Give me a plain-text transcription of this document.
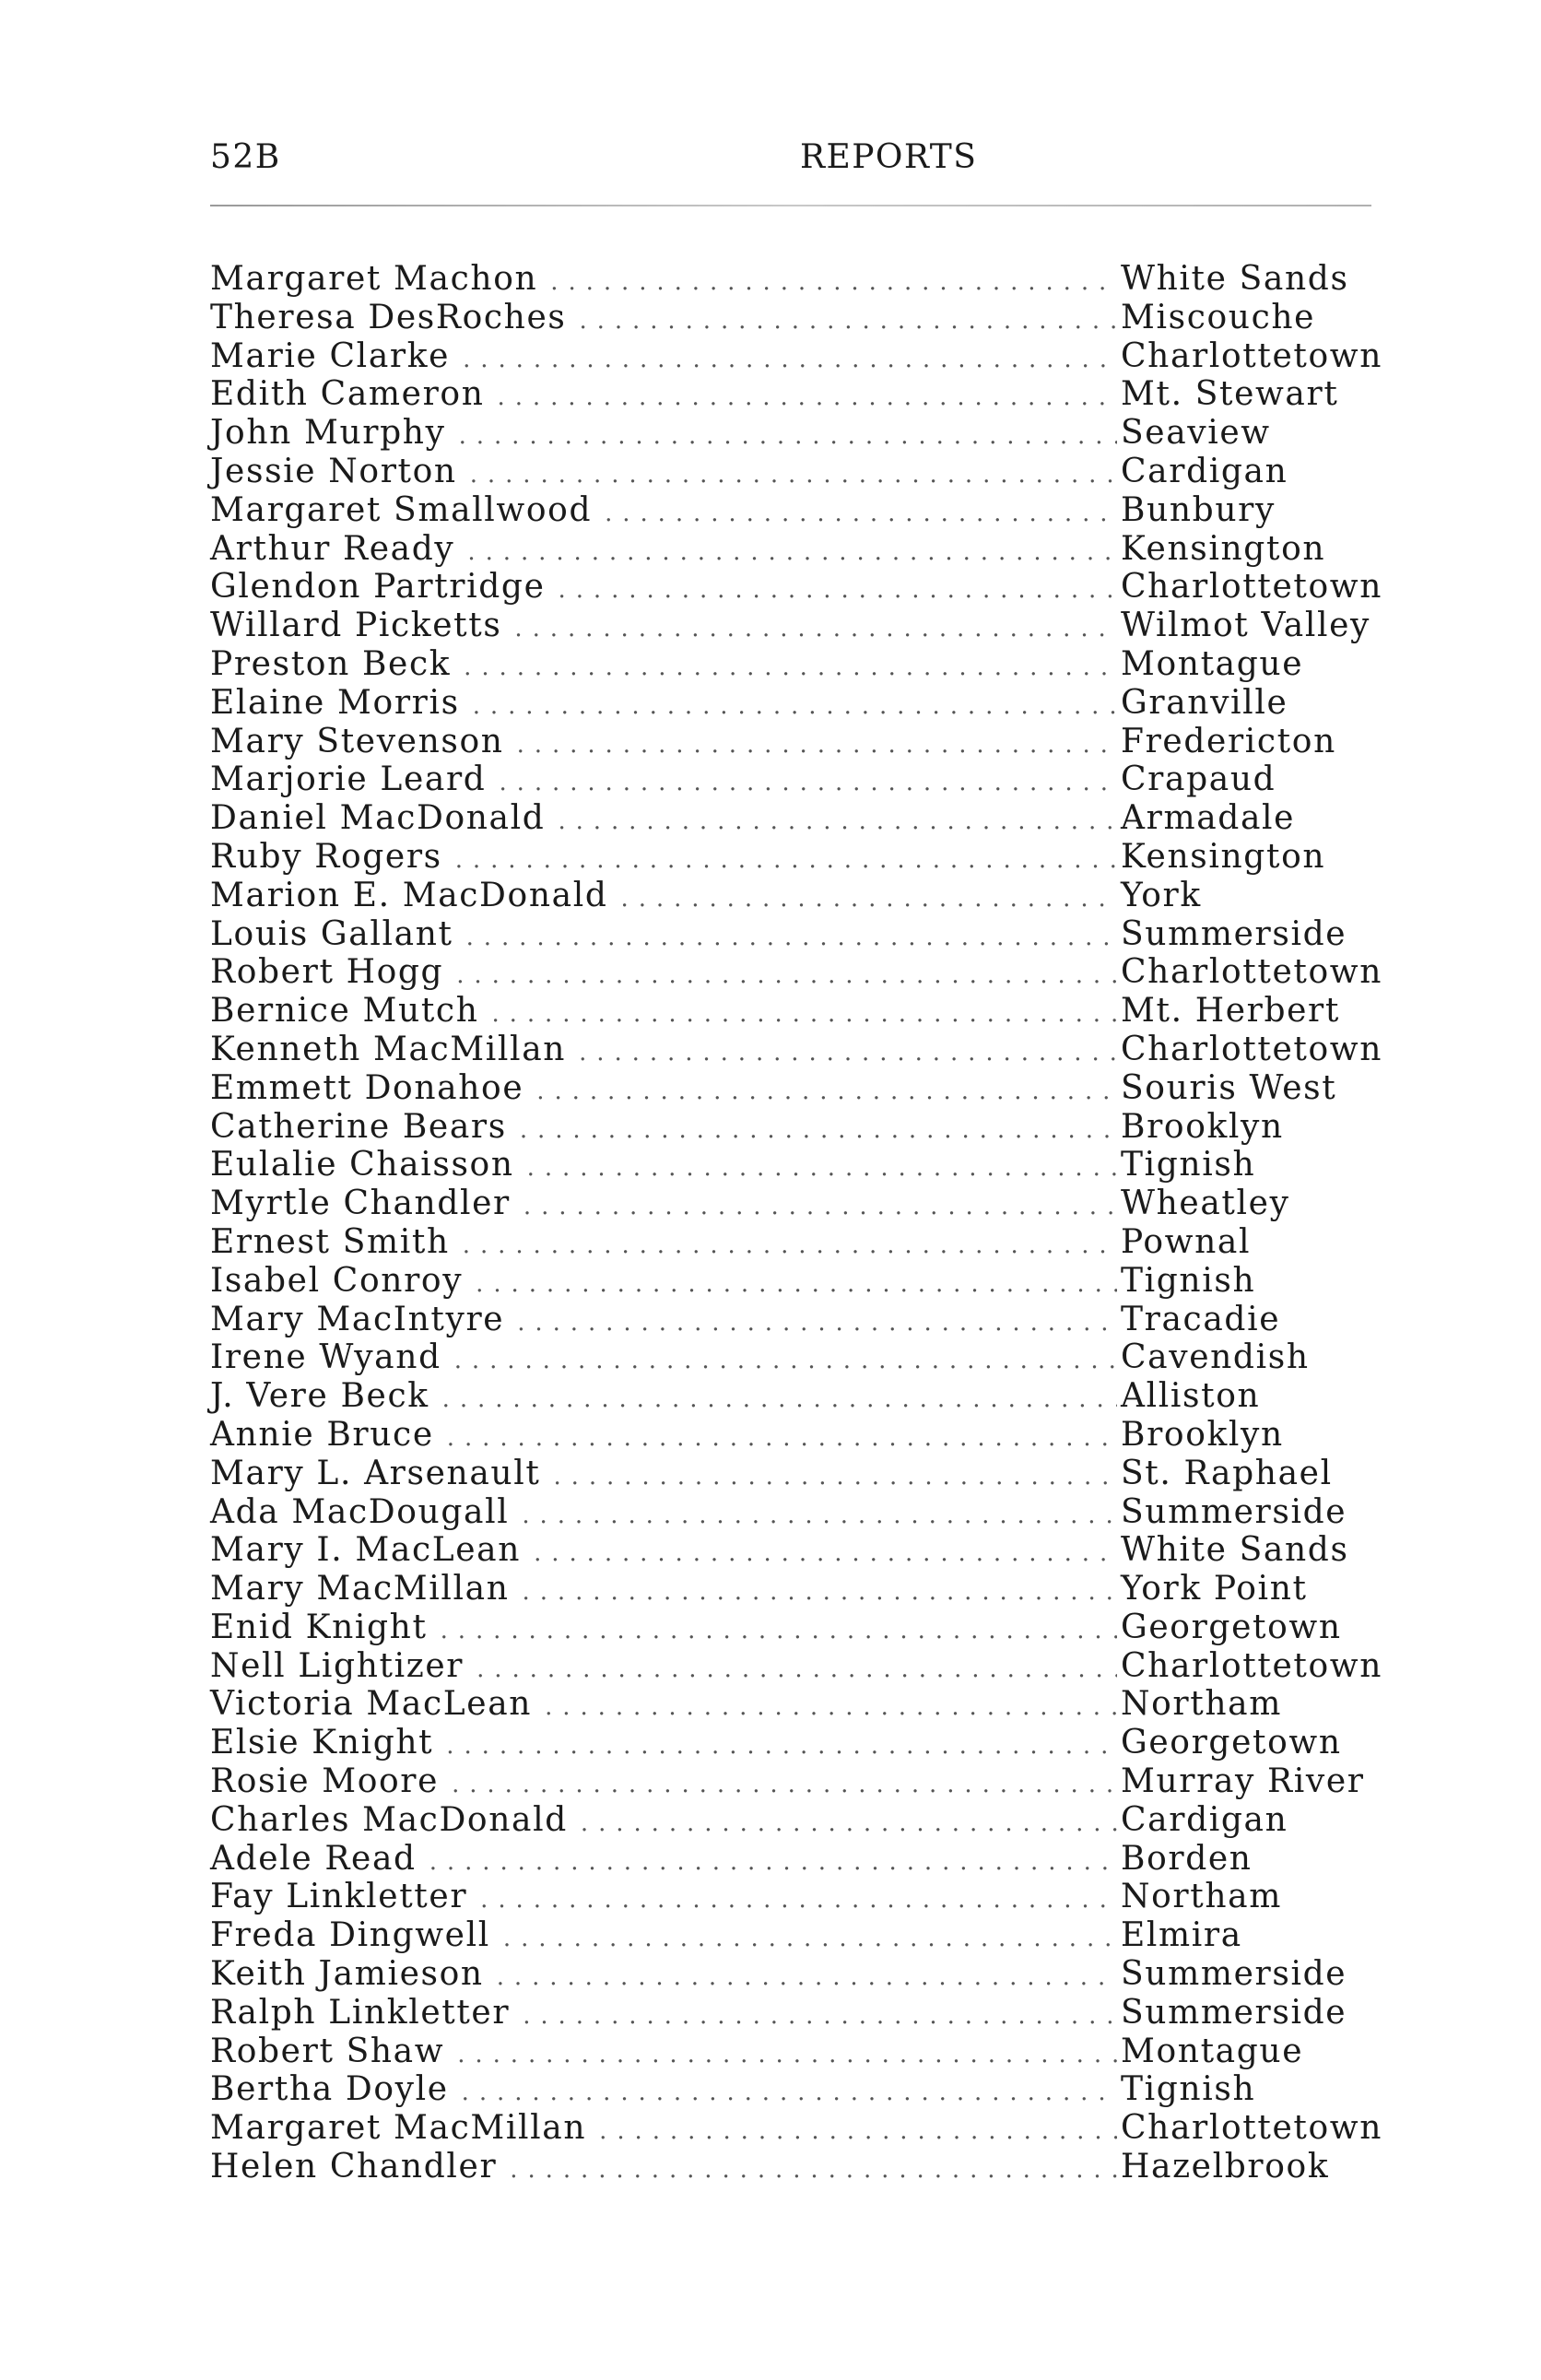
52B	REPORTS
Margaret Machon .....	White Sands
Theresa DesRoches .....	Miscouche
Marie Clarke .....	Charlottetown
Edith Cameron .....	Mt. Stewart
John Murphy .....	Seaview
Jessie Norton .....	Cardigan
Margaret Smallwood .....	Bunbury
Arthur Ready .....	Kensington
Glendon Partridge .....	Charlottetown
Willard Picketts .....	Wilmot Valley
Preston Beck .....	Montague
Elaine Morris .....	Granville
Mary Stevenson .....	Fredericton
Marjorie Leard .....	Crapaud
Daniel MacDonald .....	Armadale
Ruby Rogers .....	Kensington
Marion E. MacDonald .....	York
Louis Gallant .....	Summerside
Robert Hogg .....	Charlottetown
Bernice Mutch .....	Mt. Herbert
Kenneth MacMillan .....	Charlottetown
Emmett Donahoe .....	Souris West
Catherine Bears .....	Brooklyn
Eulalie Chaisson .....	Tignish
Myrtle Chandler .....	Wheatley
Ernest Smith .....	Pownal
Isabel Conroy .....	Tignish
Mary MacIntyre .....	Tracadie
Irene Wyand .....	Cavendish
J. Vere Beck .....	Alliston
Annie Bruce .....	Brooklyn
Mary L. Arsenault .....	St. Raphael
Ada MacDougall .....	Summerside
Mary I. MacLean .....	White Sands
Mary MacMillan .....	York Point
Enid Knight .....	Georgetown
Nell Lightizer .....	Charlottetown
Victoria MacLean .....	Northam
Elsie Knight .....	Georgetown
Rosie Moore .....	Murray River
Charles MacDonald .....	Cardigan
Adele Read .....	Borden
Fay Linkletter .....	Northam
Freda Dingwell .....	Elmira
Keith Jamieson .....	Summerside
Ralph Linkletter .....	Summerside
Robert Shaw .....	Montague
Bertha Doyle .....	Tignish
Margaret MacMillan .....	Charlottetown
Helen Chandler .....	Hazelbrook
